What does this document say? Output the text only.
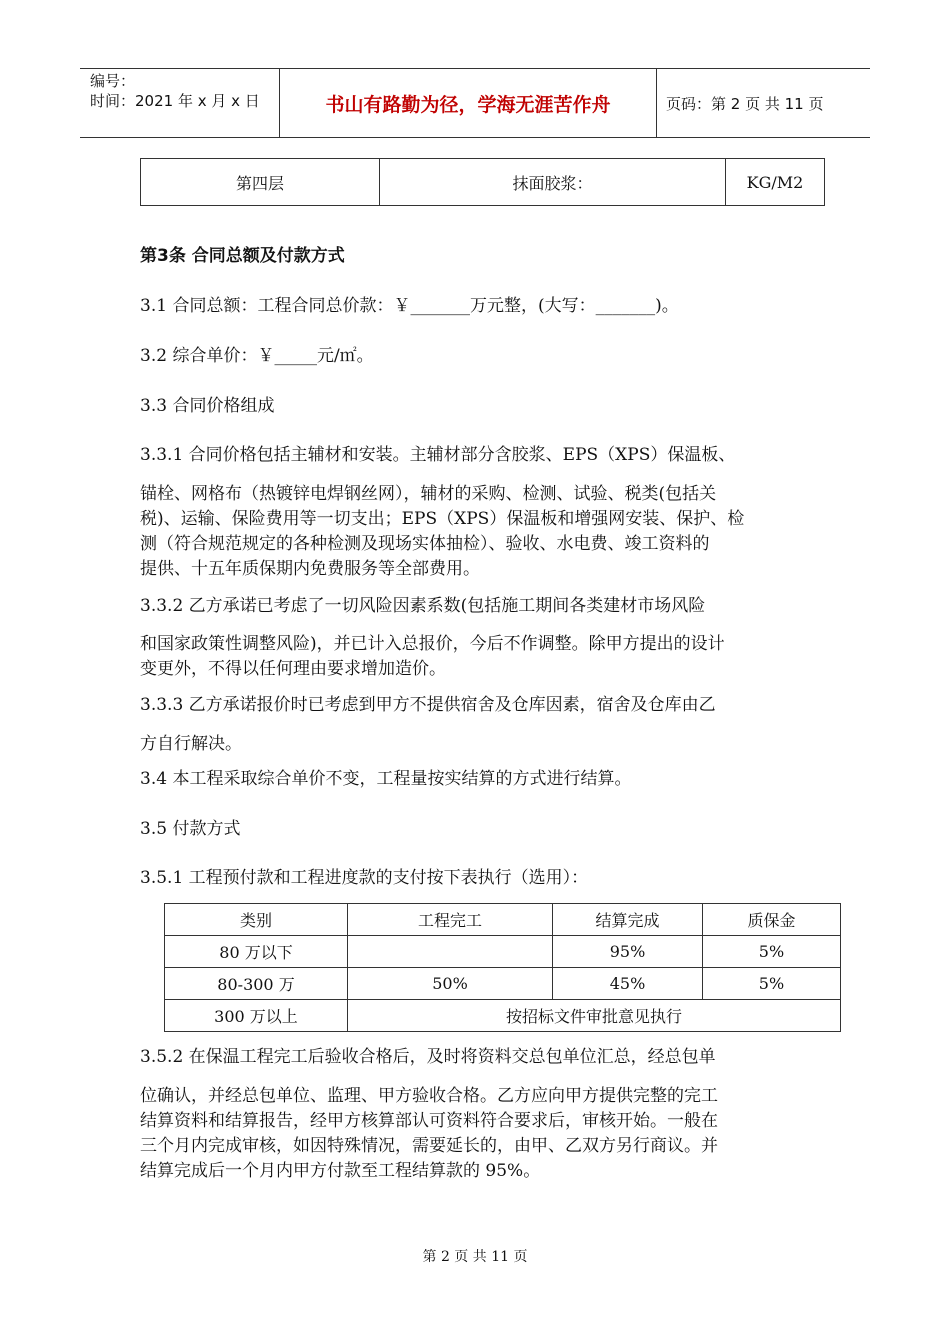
编号：
时间：2021 年 x 月 x 日	书山有路勤为径，学海无涯苦作舟	页码：第 2 页 共 11 页
第四层	抹面胶浆：	KG/M2
第3条 合同总额及付款方式
3.1 合同总额：工程合同总价款：￥_______万元整，(大写：_______)。
3.2 综合单价：￥_____元/㎡。
3.3 合同价格组成
3.3.1 合同价格包括主辅材和安装。主辅材部分含胶浆、EPS（XPS）保温板、
锚栓、网格布（热镀锌电焊钢丝网），辅材的采购、检测、试验、税类(包括关
税)、运输、保险费用等一切支出；EPS（XPS）保温板和增强网安装、保护、检
测（符合规范规定的各种检测及现场实体抽检）、验收、水电费、竣工资料的
提供、十五年质保期内免费服务等全部费用。
3.3.2 乙方承诺已考虑了一切风险因素系数(包括施工期间各类建材市场风险
和国家政策性调整风险)，并已计入总报价，今后不作调整。除甲方提出的设计
变更外，不得以任何理由要求增加造价。
3.3.3 乙方承诺报价时已考虑到甲方不提供宿舍及仓库因素，宿舍及仓库由乙
方自行解决。
3.4 本工程采取综合单价不变，工程量按实结算的方式进行结算。
3.5 付款方式
3.5.1 工程预付款和工程进度款的支付按下表执行（选用）：
类别	工程完工	结算完成	质保金
80 万以下		95%	5%
80-300 万	50%	45%	5%
300 万以上	按招标文件审批意见执行		
3.5.2 在保温工程完工后验收合格后，及时将资料交总包单位汇总，经总包单
位确认，并经总包单位、监理、甲方验收合格。乙方应向甲方提供完整的完工
结算资料和结算报告，经甲方核算部认可资料符合要求后，审核开始。一般在
三个月内完成审核，如因特殊情况，需要延长的，由甲、乙双方另行商议。并
结算完成后一个月内甲方付款至工程结算款的 95%。
第 2 页 共 11 页
